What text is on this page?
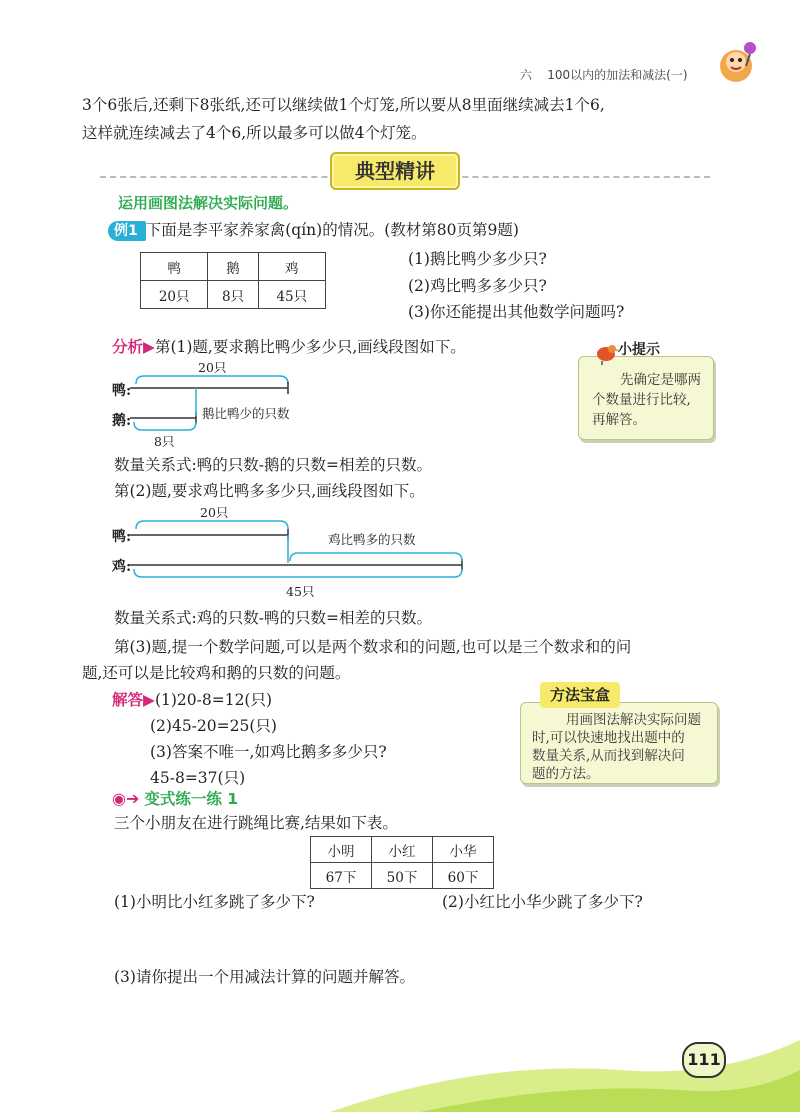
六 100以内的加法和减法(一)
3个6张后,还剩下8张纸,还可以继续做1个灯笼,所以要从8里面继续减去1个6,
这样就连续减去了4个6,所以最多可以做4个灯笼。
典型精讲
运用画图法解决实际问题。
例1 下面是李平家养家禽(qín)的情况。(教材第80页第9题)
鸭	鹅	鸡
20只	8只	45只
(1)鹅比鸭少多少只?
(2)鸡比鸭多多少只?
(3)你还能提出其他数学问题吗?
分析▶第(1)题,要求鹅比鸭少多少只,画线段图如下。
20只
鸭:
鹅:	鹅比鸭少的只数
8只
数量关系式:鸭的只数-鹅的只数=相差的只数。
第(2)题,要求鸡比鸭多多少只,画线段图如下。
20只
鸭:
鸡:
鸡比鸭多的只数
45只
数量关系式:鸡的只数-鸭的只数=相差的只数。
第(3)题,提一个数学问题,可以是两个数求和的问题,也可以是三个数求和的问
题,还可以是比较鸡和鹅的只数的问题。
小提示
先确定是哪两
个数量进行比较,
再解答。
解答▶(1)20-8=12(只)
(2)45-20=25(只)
(3)答案不唯一,如鸡比鹅多多少只?
45-8=37(只)
方法宝盒
用画图法解决实际问题
时,可以快速地找出题中的
数量关系,从而找到解决问
题的方法。
◉➔ 变式练一练 1
三个小朋友在进行跳绳比赛,结果如下表。
小明	小红	小华
67下	50下	60下
(1)小明比小红多跳了多少下?	(2)小红比小华少跳了多少下?
(3)请你提出一个用减法计算的问题并解答。
111
